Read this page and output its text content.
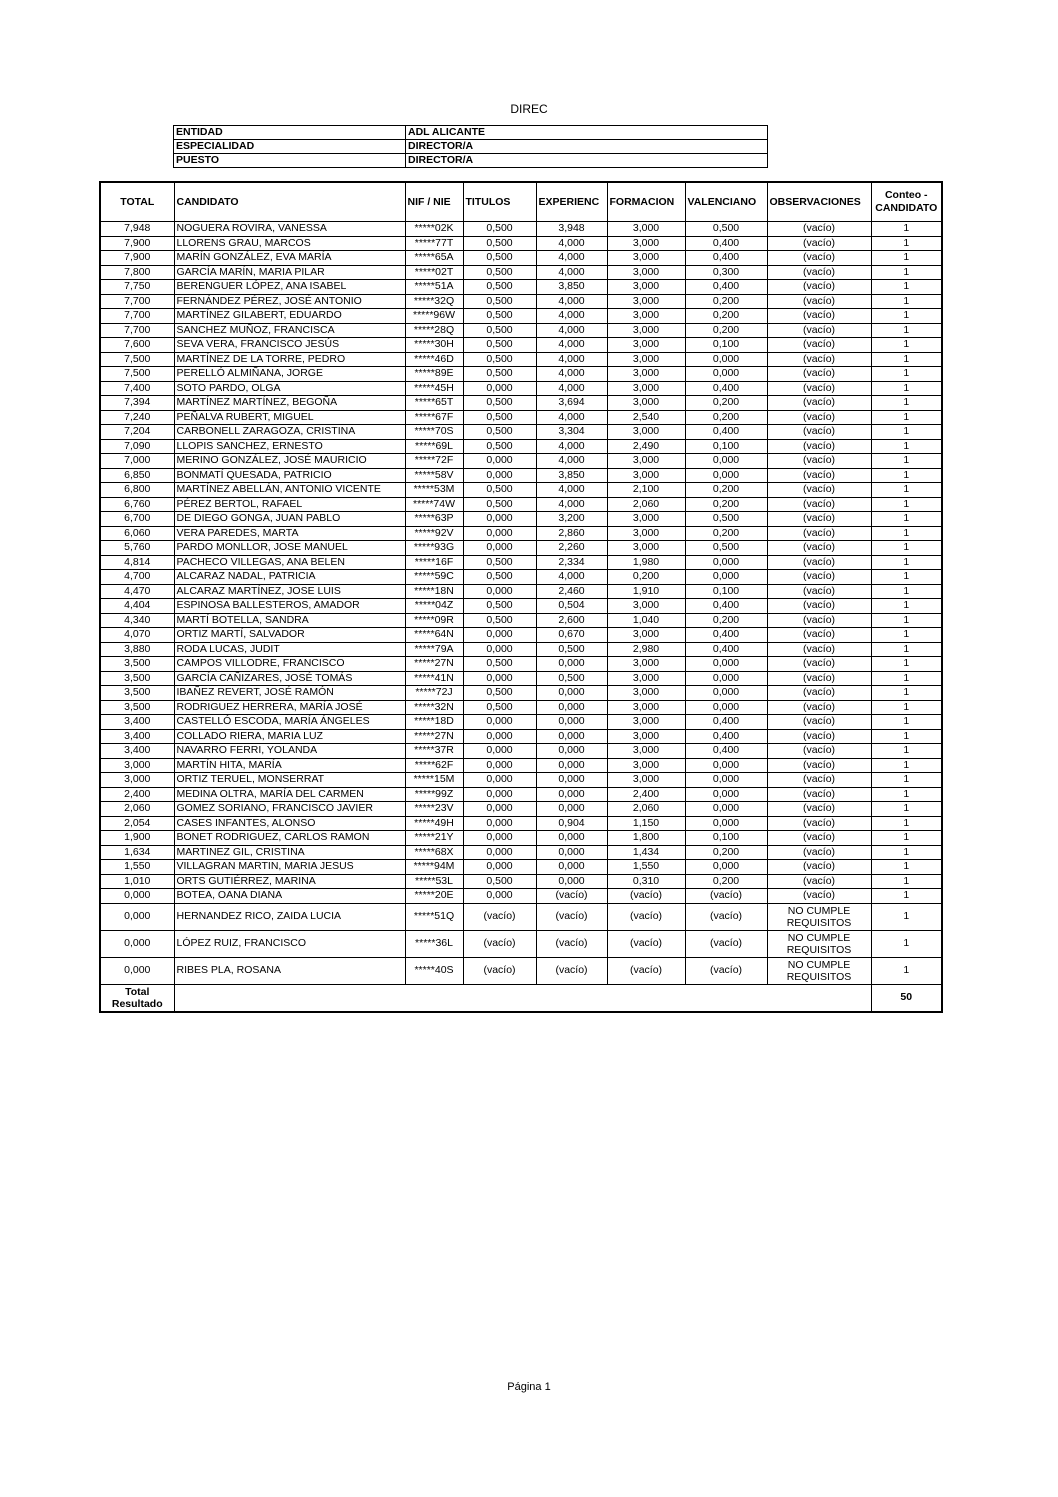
DIREC
ENTIDAD	ADL ALICANTE
ESPECIALIDAD	DIRECTOR/A
PUESTO	DIRECTOR/A
TOTAL	CANDIDATO	NIF / NIE	TITULOS	EXPERIENC	FORMACION	VALENCIANO	OBSERVACIONES	Conteo - CANDIDATO
7,948	NOGUERA ROVIRA, VANESSA	*****02K	0,500	3,948	3,000	0,500	(vacío)	1
7,900	LLORENS GRAU, MARCOS	*****77T	0,500	4,000	3,000	0,400	(vacío)	1
7,900	MARÍN GONZÁLEZ, EVA MARÍA	*****65A	0,500	4,000	3,000	0,400	(vacío)	1
7,800	GARCÍA MARÍN, MARIA PILAR	*****02T	0,500	4,000	3,000	0,300	(vacío)	1
7,750	BERENGUER LÓPEZ, ANA ISABEL	*****51A	0,500	3,850	3,000	0,400	(vacío)	1
7,700	FERNÁNDEZ PÉREZ, JOSÉ ANTONIO	*****32Q	0,500	4,000	3,000	0,200	(vacío)	1
7,700	MARTÍNEZ GILABERT, EDUARDO	*****96W	0,500	4,000	3,000	0,200	(vacío)	1
7,700	SANCHEZ MUÑOZ, FRANCISCA	*****28Q	0,500	4,000	3,000	0,200	(vacío)	1
7,600	SEVA VERA, FRANCISCO JESÚS	*****30H	0,500	4,000	3,000	0,100	(vacío)	1
7,500	MARTÍNEZ DE LA TORRE, PEDRO	*****46D	0,500	4,000	3,000	0,000	(vacío)	1
7,500	PERELLÓ ALMIÑANA, JORGE	*****89E	0,500	4,000	3,000	0,000	(vacío)	1
7,400	SOTO PARDO, OLGA	*****45H	0,000	4,000	3,000	0,400	(vacío)	1
7,394	MARTÍNEZ MARTÍNEZ, BEGOÑA	*****65T	0,500	3,694	3,000	0,200	(vacío)	1
7,240	PEÑALVA RUBERT, MIGUEL	*****67F	0,500	4,000	2,540	0,200	(vacío)	1
7,204	CARBONELL ZARAGOZA, CRISTINA	*****70S	0,500	3,304	3,000	0,400	(vacío)	1
7,090	LLOPIS SANCHEZ, ERNESTO	*****69L	0,500	4,000	2,490	0,100	(vacío)	1
7,000	MERINO GONZÁLEZ, JOSÉ MAURICIO	*****72F	0,000	4,000	3,000	0,000	(vacío)	1
6,850	BONMATÍ QUESADA, PATRICIO	*****58V	0,000	3,850	3,000	0,000	(vacío)	1
6,800	MARTÍNEZ ABELLÁN, ANTONIO VICENTE	*****53M	0,500	4,000	2,100	0,200	(vacío)	1
6,760	PÉREZ BERTOL, RAFAEL	*****74W	0,500	4,000	2,060	0,200	(vacío)	1
6,700	DE DIEGO GONGA, JUAN PABLO	*****63P	0,000	3,200	3,000	0,500	(vacío)	1
6,060	VERA PAREDES, MARTA	*****92V	0,000	2,860	3,000	0,200	(vacío)	1
5,760	PARDO MONLLOR, JOSE MANUEL	*****93G	0,000	2,260	3,000	0,500	(vacío)	1
4,814	PACHECO VILLEGAS, ANA BELEN	*****16F	0,500	2,334	1,980	0,000	(vacío)	1
4,700	ALCARAZ NADAL, PATRICIA	*****59C	0,500	4,000	0,200	0,000	(vacío)	1
4,470	ALCARAZ MARTÍNEZ, JOSE LUIS	*****18N	0,000	2,460	1,910	0,100	(vacío)	1
4,404	ESPINOSA BALLESTEROS, AMADOR	*****04Z	0,500	0,504	3,000	0,400	(vacío)	1
4,340	MARTÍ BOTELLA, SANDRA	*****09R	0,500	2,600	1,040	0,200	(vacío)	1
4,070	ORTIZ MARTÍ, SALVADOR	*****64N	0,000	0,670	3,000	0,400	(vacío)	1
3,880	RODA LUCAS, JUDIT	*****79A	0,000	0,500	2,980	0,400	(vacío)	1
3,500	CAMPOS VILLODRE, FRANCISCO	*****27N	0,500	0,000	3,000	0,000	(vacío)	1
3,500	GARCÍA CAÑIZARES, JOSÉ TOMÁS	*****41N	0,000	0,500	3,000	0,000	(vacío)	1
3,500	IBAÑEZ REVERT, JOSÉ RAMÓN	*****72J	0,500	0,000	3,000	0,000	(vacío)	1
3,500	RODRIGUEZ HERRERA, MARÍA JOSÉ	*****32N	0,500	0,000	3,000	0,000	(vacío)	1
3,400	CASTELLÓ ESCODA, MARÍA ÁNGELES	*****18D	0,000	0,000	3,000	0,400	(vacío)	1
3,400	COLLADO RIERA, MARIA LUZ	*****27N	0,000	0,000	3,000	0,400	(vacío)	1
3,400	NAVARRO FERRI, YOLANDA	*****37R	0,000	0,000	3,000	0,400	(vacío)	1
3,000	MARTÍN HITA, MARÍA	*****62F	0,000	0,000	3,000	0,000	(vacío)	1
3,000	ORTIZ TERUEL, MONSERRAT	*****15M	0,000	0,000	3,000	0,000	(vacío)	1
2,400	MEDINA OLTRA, MARÍA DEL CARMEN	*****99Z	0,000	0,000	2,400	0,000	(vacío)	1
2,060	GOMEZ SORIANO, FRANCISCO JAVIER	*****23V	0,000	0,000	2,060	0,000	(vacío)	1
2,054	CASES INFANTES, ALONSO	*****49H	0,000	0,904	1,150	0,000	(vacío)	1
1,900	BONET RODRIGUEZ, CARLOS RAMON	*****21Y	0,000	0,000	1,800	0,100	(vacío)	1
1,634	MARTINEZ GIL, CRISTINA	*****68X	0,000	0,000	1,434	0,200	(vacío)	1
1,550	VILLAGRAN MARTIN, MARIA JESUS	*****94M	0,000	0,000	1,550	0,000	(vacío)	1
1,010	ORTS GUTIÉRREZ, MARINA	*****53L	0,500	0,000	0,310	0,200	(vacío)	1
0,000	BOTEA, OANA DIANA	*****20E	0,000	(vacío)	(vacío)	(vacío)	(vacío)	1
0,000	HERNANDEZ RICO, ZAIDA LUCIA	*****51Q	(vacío)	(vacío)	(vacío)	(vacío)	NO CUMPLE REQUISITOS	1
0,000	LÓPEZ RUIZ, FRANCISCO	*****36L	(vacío)	(vacío)	(vacío)	(vacío)	NO CUMPLE REQUISITOS	1
0,000	RIBES PLA, ROSANA	*****40S	(vacío)	(vacío)	(vacío)	(vacío)	NO CUMPLE REQUISITOS	1
Total Resultado								50
Página 1
